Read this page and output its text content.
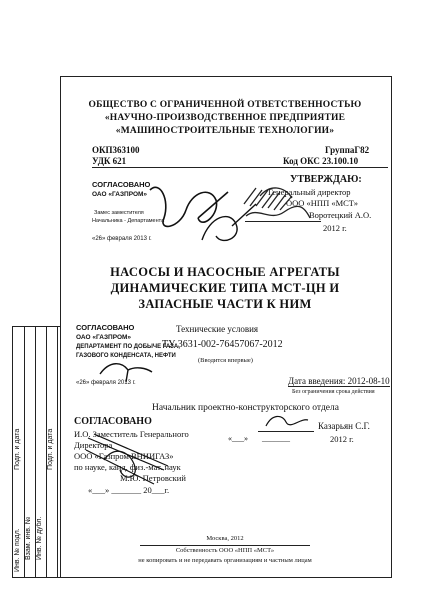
Инв. № подл.
Подп. и дата
Взам. инв. № Инв. № дубл.
Подп. и дата
ОБЩЕСТВО С ОГРАНИЧЕННОЙ ОТВЕТСТВЕННОСТЬЮ
«НАУЧНО-ПРОИЗВОДСТВЕННОЕ ПРЕДПРИЯТИЕ
«МАШИНОСТРОИТЕЛЬНЫЕ ТЕХНОЛОГИИ»
ОКП363100
УДК 621
ГруппаГ82
Код ОКС 23.100.10
УТВЕРЖДАЮ:
Генеральный директор
ООО «НПП «МСТ»
Воротецкий А.О.
2012 г.
СОГЛАСОВАНО
ОАО «ГАЗПРОМ»
Замес заместителя
Начальника - Департамента
«26» февраля 2013 г.
НАСОСЫ И НАСОСНЫЕ АГРЕГАТЫ
ДИНАМИЧЕСКИЕ ТИПА МСТ-ЦН И
ЗАПАСНЫЕ ЧАСТИ К НИМ
СОГЛАСОВАНО
ОАО «ГАЗПРОМ»
ДЕПАРТАМЕНТ ПО ДОБЫЧЕ ГАЗА,
ГАЗОВОГО КОНДЕНСАТА, НЕФТИ
«26» февраля 2013 г.
Технические условия
ТУ 3631-002-76457067-2012
(Вводится впервые)
Дата введения: 2012-08-10
Без ограничения срока действия
Начальник проектно-конструкторского отдела
Казарьян С.Г.
«___» _______	2012 г.
СОГЛАСОВАНО
И.О. Заместитель Генерального
Директора
ООО «Газпром ВНИИГАЗ»
по науке, канд. физ.-мат. наук
М.Ю. Петровский
«___» _______ 20___г.
Москва, 2012
Собственность ООО «НПП «МСТ»
не копировать и не передавать организациям и частным лицам
